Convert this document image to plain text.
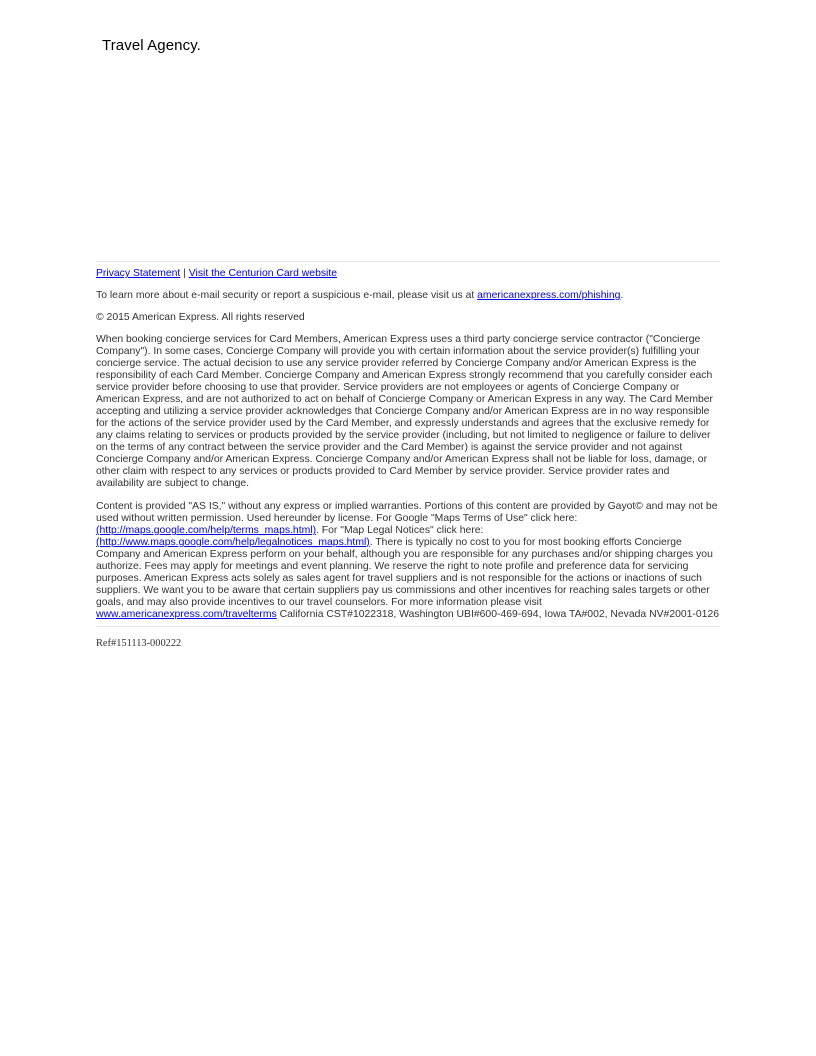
Travel Agency.
Privacy Statement | Visit the Centurion Card website

To learn more about e-mail security or report a suspicious e-mail, please visit us at americanexpress.com/phishing.

© 2015 American Express. All rights reserved

When booking concierge services for Card Members, American Express uses a third party concierge service contractor ("Concierge Company"). In some cases, Concierge Company will provide you with certain information about the service provider(s) fulfilling your concierge service. The actual decision to use any service provider referred by Concierge Company and/or American Express is the responsibility of each Card Member. Concierge Company and American Express strongly recommend that you carefully consider each service provider before choosing to use that provider. Service providers are not employees or agents of Concierge Company or American Express, and are not authorized to act on behalf of Concierge Company or American Express in any way. The Card Member accepting and utilizing a service provider acknowledges that Concierge Company and/or American Express are in no way responsible for the actions of the service provider used by the Card Member, and expressly understands and agrees that the exclusive remedy for any claims relating to services or products provided by the service provider (including, but not limited to negligence or failure to deliver on the terms of any contract between the service provider and the Card Member) is against the service provider and not against Concierge Company and/or American Express. Concierge Company and/or American Express shall not be liable for loss, damage, or other claim with respect to any services or products provided to Card Member by service provider. Service provider rates and availability are subject to change.

Content is provided "AS IS," without any express or implied warranties. Portions of this content are provided by Gayot© and may not be used without written permission. Used hereunder by license. For Google "Maps Terms of Use" click here: (http://maps.google.com/help/terms_maps.html). For "Map Legal Notices" click here: (http://www.maps.google.com/help/legalnotices_maps.html). There is typically no cost to you for most booking efforts Concierge Company and American Express perform on your behalf, although you are responsible for any purchases and/or shipping charges you authorize. Fees may apply for meetings and event planning. We reserve the right to note profile and preference data for servicing purposes. American Express acts solely as sales agent for travel suppliers and is not responsible for the actions or inactions of such suppliers. We want you to be aware that certain suppliers pay us commissions and other incentives for reaching sales targets or other goals, and may also provide incentives to our travel counselors. For more information please visit www.americanexpress.com/travelterms California CST#1022318, Washington UBI#600-469-694, Iowa TA#002, Nevada NV#2001-0126

Ref#151113-000222
